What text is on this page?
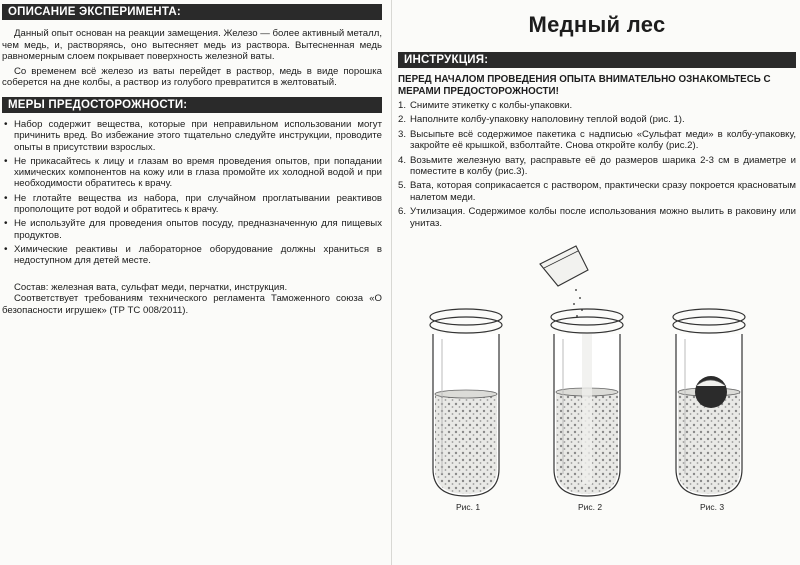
ОПИСАНИЕ ЭКСПЕРИМЕНТА:

Данный опыт основан на реакции замещения. Железо — более активный металл, чем медь, и, растворяясь, оно вытесняет медь из раствора. Вытесненная медь равномерным слоем покрывает поверхность железной ваты.

Со временем всё железо из ваты перейдет в раствор, медь в виде порошка соберется на дне колбы, а раствор из голубого превратится в желтоватый.

МЕРЫ ПРЕДОСТОРОЖНОСТИ:
• Набор содержит вещества, которые при неправильном использовании могут причинить вред. Во избежание этого тщательно следуйте инструкции, проводите опыты в присутствии взрослых.
• Не прикасайтесь к лицу и глазам во время проведения опытов, при попадании химических компонентов на кожу или в глаза промойте их холодной водой и при необходимости обратитесь к врачу.
• Не глотайте вещества из набора, при случайном проглатывании реактивов прополощите рот водой и обратитесь к врачу.
• Не используйте для проведения опытов посуду, предназначенную для пищевых продуктов.
• Химические реактивы и лабораторное оборудование должны храниться в недоступном для детей месте.

Состав: железная вата, сульфат меди, перчатки, инструкция.

Соответствует требованиям технического регламента Таможенного союза «О безопасности игрушек» (ТР ТС 008/2011).

Медный лес
ИНСТРУКЦИЯ:
ПЕРЕД НАЧАЛОМ ПРОВЕДЕНИЯ ОПЫТА ВНИМАТЕЛЬНО ОЗНАКОМЬТЕСЬ С МЕРАМИ ПРЕДОСТОРОЖНОСТИ!
1. Снимите этикетку с колбы-упаковки.
2. Наполните колбу-упаковку наполовину теплой водой (рис. 1).
3. Высыпьте всё содержимое пакетика с надписью «Сульфат меди» в колбу-упаковку, закройте её крышкой, взболтайте. Снова откройте колбу (рис.2).
4. Возьмите железную вату, расправьте её до размеров шарика 2-3 см в диаметре и поместите в колбу (рис.3).
5. Вата, которая соприкасается с раствором, практически сразу покроется красноватым налетом меди.
6. Утилизация. Содержимое колбы после использования можно вылить в раковину или унитаз.
Рис. 1	Рис. 2	Рис. 3
